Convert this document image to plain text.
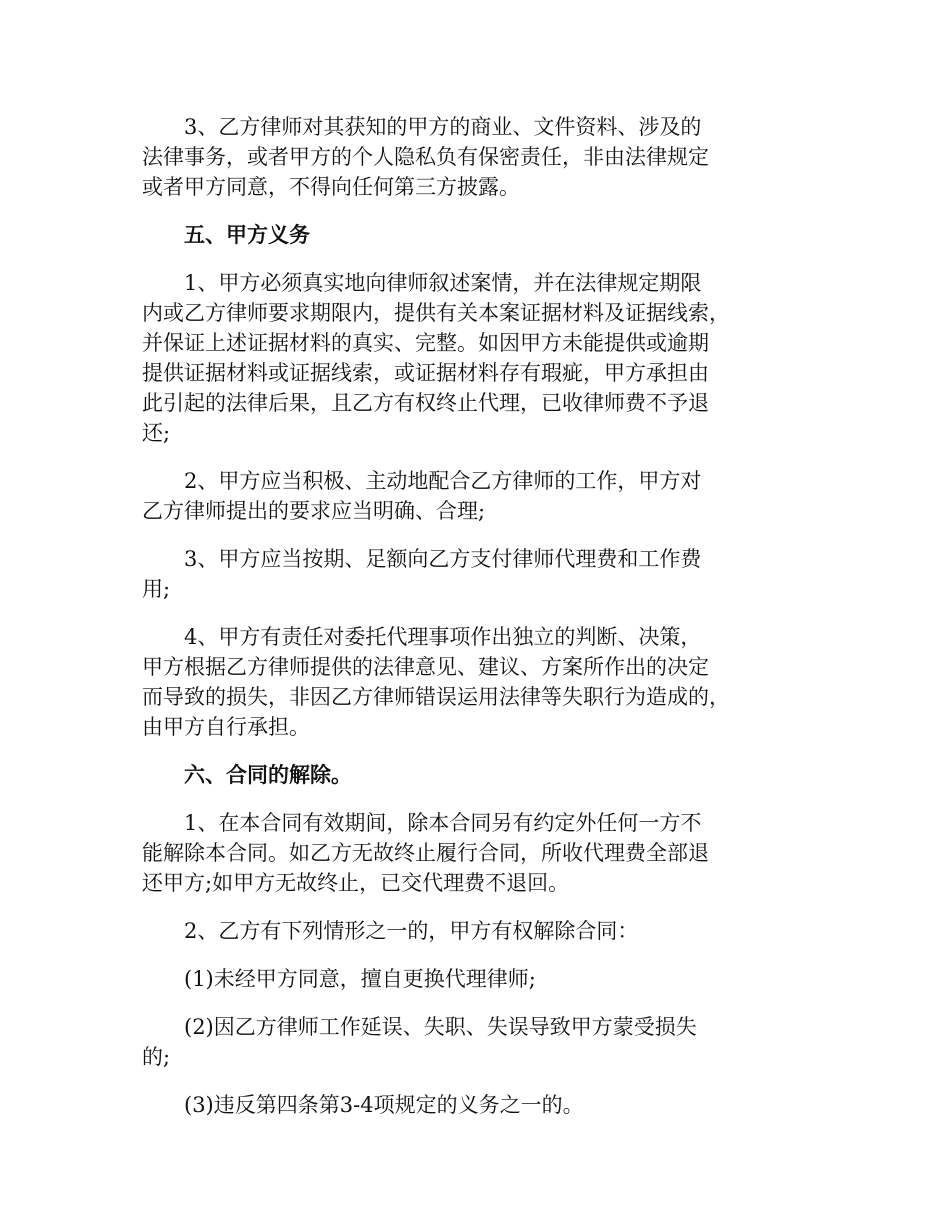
3、乙方律师对其获知的甲方的商业、文件资料、涉及的
法律事务，或者甲方的个人隐私负有保密责任，非由法律规定
或者甲方同意，不得向任何第三方披露。
五、甲方义务
1、甲方必须真实地向律师叙述案情，并在法律规定期限
内或乙方律师要求期限内，提供有关本案证据材料及证据线索，
并保证上述证据材料的真实、完整。如因甲方未能提供或逾期
提供证据材料或证据线索，或证据材料存有瑕疵，甲方承担由
此引起的法律后果，且乙方有权终止代理，已收律师费不予退
还;
2、甲方应当积极、主动地配合乙方律师的工作，甲方对
乙方律师提出的要求应当明确、合理;
3、甲方应当按期、足额向乙方支付律师代理费和工作费
用;
4、甲方有责任对委托代理事项作出独立的判断、决策，
甲方根据乙方律师提供的法律意见、建议、方案所作出的决定
而导致的损失，非因乙方律师错误运用法律等失职行为造成的，
由甲方自行承担。
六、合同的解除。
1、在本合同有效期间，除本合同另有约定外任何一方不
能解除本合同。如乙方无故终止履行合同，所收代理费全部退
还甲方;如甲方无故终止，已交代理费不退回。
2、乙方有下列情形之一的，甲方有权解除合同：
(1)未经甲方同意，擅自更换代理律师;
(2)因乙方律师工作延误、失职、失误导致甲方蒙受损失
的;
(3)违反第四条第3-4项规定的义务之一的。
